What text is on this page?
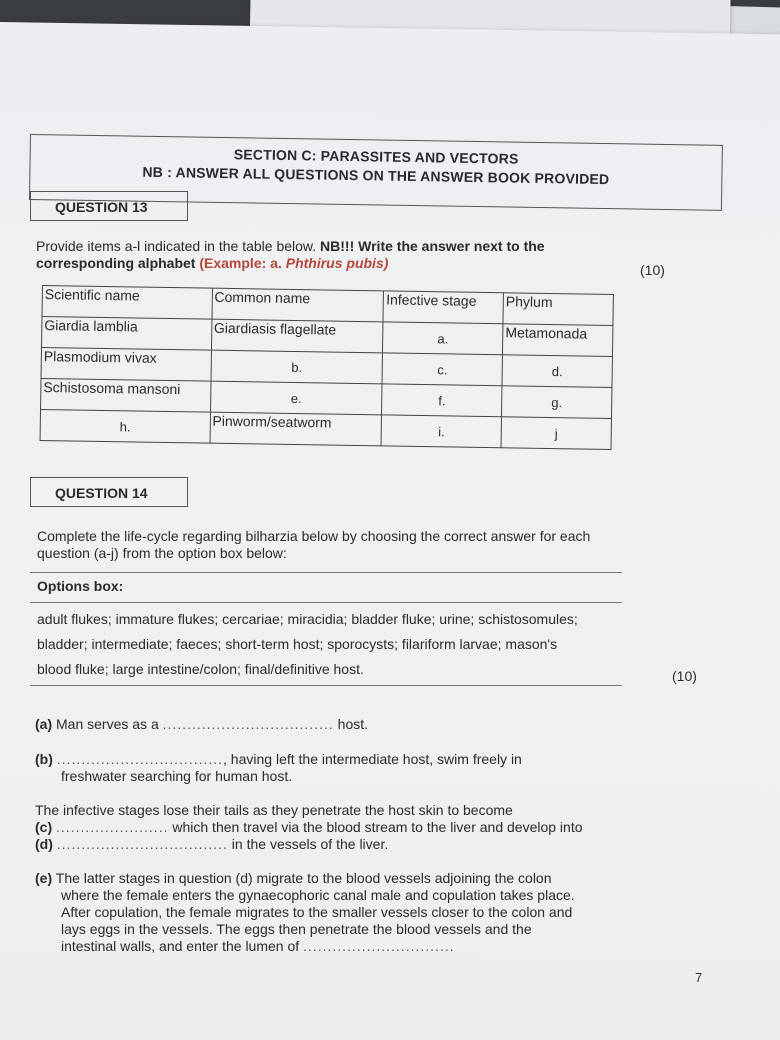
SECTION C: PARASSITES AND VECTORS
NB : ANSWER ALL QUESTIONS ON THE ANSWER BOOK PROVIDED
QUESTION 13
Provide items a-l indicated in the table below. NB!!! Write the answer next to the corresponding alphabet (Example: a. Phthirus pubis)	(10)
Scientific name	Common name	Infective stage	Phylum
Giardia lamblia	Giardiasis flagellate	a.	Metamonada
Plasmodium vivax	b.	c.	d.
Schistosoma mansoni	e.	f.	g.
h.	Pinworm/seatworm	i.	j
QUESTION 14
Complete the life-cycle regarding bilharzia below by choosing the correct answer for each question (a-j) from the option box below:
Options box:
adult flukes; immature flukes; cercariae; miracidia; bladder fluke; urine; schistosomules;
bladder; intermediate; faeces; short-term host; sporocysts; filariform larvae; mason's
blood fluke; large intestine/colon; final/definitive host.	(10)
(a) Man serves as a ................................... host.
(b) .................................., having left the intermediate host, swim freely in
freshwater searching for human host.
The infective stages lose their tails as they penetrate the host skin to become
(c) ....................... which then travel via the blood stream to the liver and develop into
(d) ................................... in the vessels of the liver.
(e) The latter stages in question (d) migrate to the blood vessels adjoining the colon
where the female enters the gynaecophoric canal male and copulation takes place.
After copulation, the female migrates to the smaller vessels closer to the colon and
lays eggs in the vessels. The eggs then penetrate the blood vessels and the
intestinal walls, and enter the lumen of ...............................
7
